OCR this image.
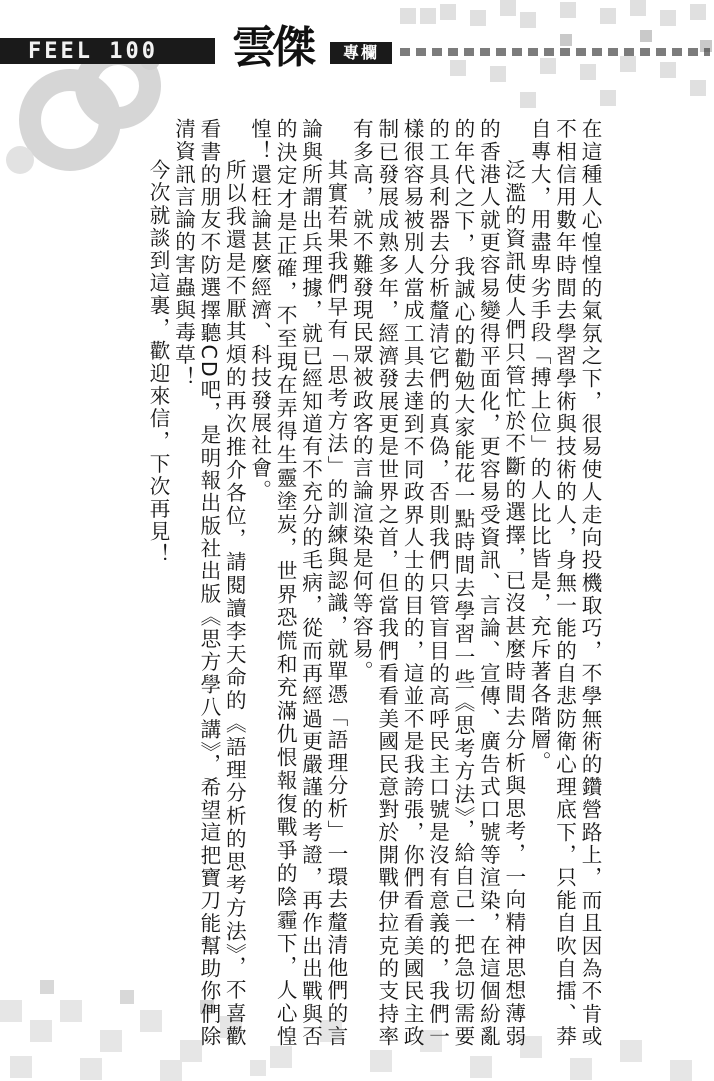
FEEL 100 雲傑	專欄

在這種人心惶惶的氣氛之下，很易使人走向投機取巧，不學無術的鑽營路上，而且因為不肯或不相信用數年時間去學習學術與技術的人，身無一能的自悲防衛心理底下，只能自吹自擂、莽自專大，用盡卑劣手段「搏上位」的人比比皆是，充斥著各階層。

泛濫的資訊使人們只管忙於不斷的選擇，已沒甚麼時間去分析與思考，一向精神思想薄弱的香港人就更容易變得平面化，更容易受資訊、言論、宣傳、廣告式口號等渲染，在這個紛亂的年代之下，我誠心的勸勉大家能花一點時間去學習一些《思考方法》，給自己一把急切需要的工具利器去分析釐清它們的真偽，否則我們只管盲目的高呼民主口號是沒有意義的，我們一樣很容易被別人當成工具去達到不同政界人士的目的，這並不是我誇張，你們看看美國民主政制已發展成熟多年，經濟發展更是世界之首，但當我們看看美國民意對於開戰伊拉克的支持率有多高，就不難發現民眾被政客的言論渲染是何等容易。

其實若果我們早有「思考方法」的訓練與認識，就單憑「語理分析」一環去釐清他們的言論與所謂出兵理據，就已經知道有不充分的毛病，從而再經過更嚴謹的考證，再作出出戰與否的決定才是正確，不至現在弄得生靈塗炭，世界恐慌和充滿仇恨報復戰爭的陰霾下，人心惶惶！還枉論甚麼經濟、科技發展社會。

所以我還是不厭其煩的再次推介各位，請閱讀李天命的《語理分析的思考方法》，不喜歡看書的朋友不防選擇聽CD吧，是明報出版社出版《思方學八講》，希望這把寶刀能幫助你們除清資訊言論的害蟲與毒草！

今次就談到這裏，歡迎來信，下次再見！
